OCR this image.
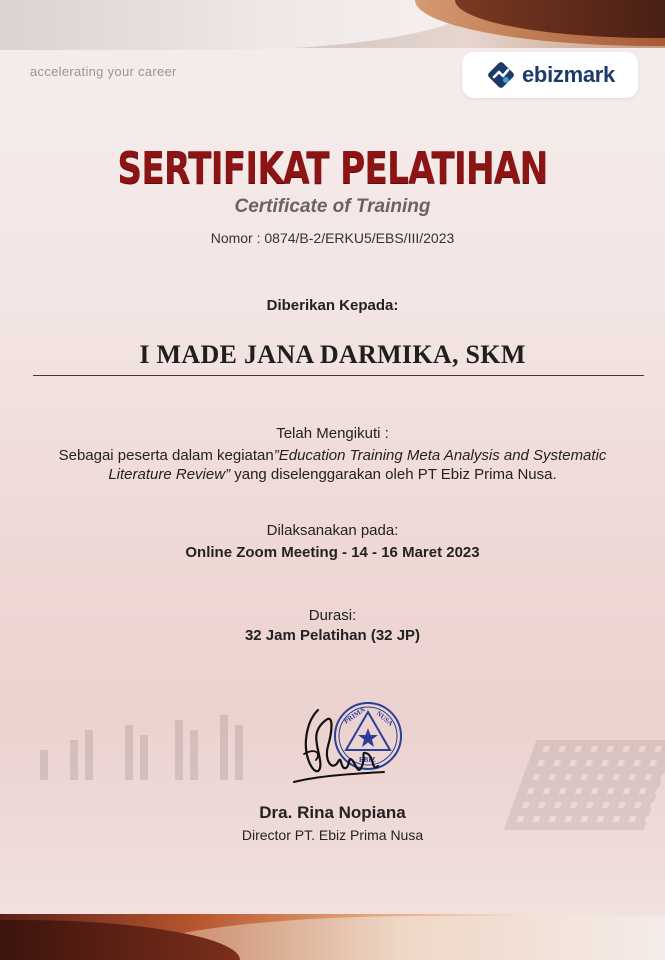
accelerating your career	ebizmark
SERTIFIKAT PELATIHAN
Certificate of Training
Nomor : 0874/B-2/ERKU5/EBS/III/2023
Diberikan Kepada:
I MADE JANA DARMIKA, SKM
Telah Mengikuti :
Sebagai peserta dalam kegiatan”Education Training Meta Analysis and Systematic Literature Review” yang diselenggarakan oleh PT Ebiz Prima Nusa.
Dilaksanakan pada:
Online Zoom Meeting - 14 - 16 Maret 2023
Durasi:
32 Jam Pelatihan (32 JP)
PRIMA NUSA
EBIZ
Dra. Rina Nopiana
Director PT. Ebiz Prima Nusa
